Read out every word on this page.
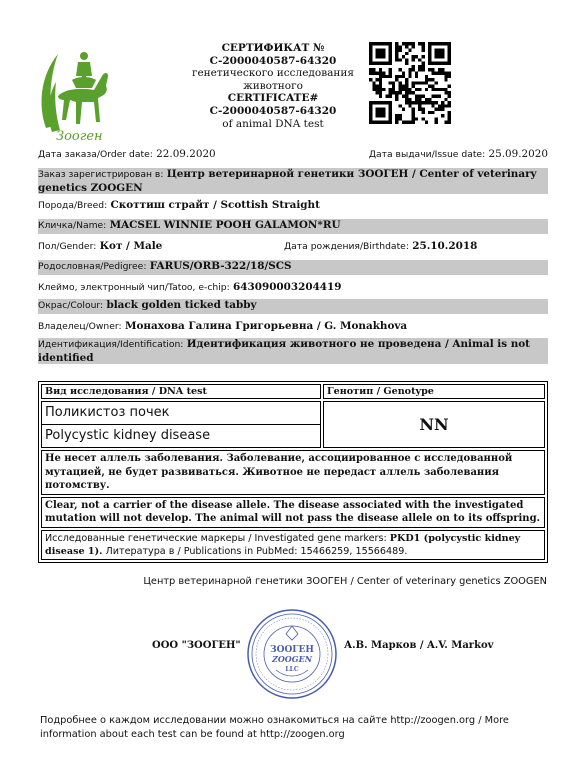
Зооген
СЕРТИФИКАТ №
С-2000040587-64320
генетического исследования животного
CERTIFICATE#
C-2000040587-64320
of animal DNA test
Дата заказа/Order date: 22.09.2020	Дата выдачи/Issue date: 25.09.2020
Заказ зарегистрирован в: Центр ветеринарной генетики ЗООГЕН / Center of veterinary genetics ZOOGEN
Порода/Breed: Скоттиш страйт / Scottish Straight
Кличка/Name: MACSEL WINNIE POOH GALAMON*RU
Пол/Gender: Кот / Male	Дата рождения/Birthdate: 25.10.2018
Родословная/Pedigree: FARUS/ORB-322/18/SCS
Клеймо, электронный чип/Tatoo, e-chip: 643090003204419
Окрас/Colour: black golden ticked tabby
Владелец/Owner: Монахова Галина Григорьевна / G. Monakhova
Идентификация/Identification: Идентификация животного не проведена / Animal is not identified
Вид исследования / DNA test	Генотип / Genotype

Поликистоз почек
Polycystic kidney disease	NN
Не несет аллель заболевания. Заболевание, ассоциированное с исследованной мутацией, не будет развиваться. Животное не передаст аллель заболевания потомству.	
Clear, not a carrier of the disease allele. The disease associated with the investigated mutation will not develop. The animal will not pass the disease allele on to its offspring.	
Исследованные генетические маркеры / Investigated gene markers: PKD1 (polycystic kidney disease 1). Литература в / Publications in PubMed: 15466259, 15566489.	
Центр ветеринарной генетики ЗООГЕН / Center of veterinary genetics ZOOGEN
ООО "ЗООГЕН"	ЗООГЕН
ZOOGEN
LLC
А.В. Марков / A.V. Markov
Подробнее о каждом исследовании можно ознакомиться на сайте http://zoogen.org / More information about each test can be found at http://zoogen.org
